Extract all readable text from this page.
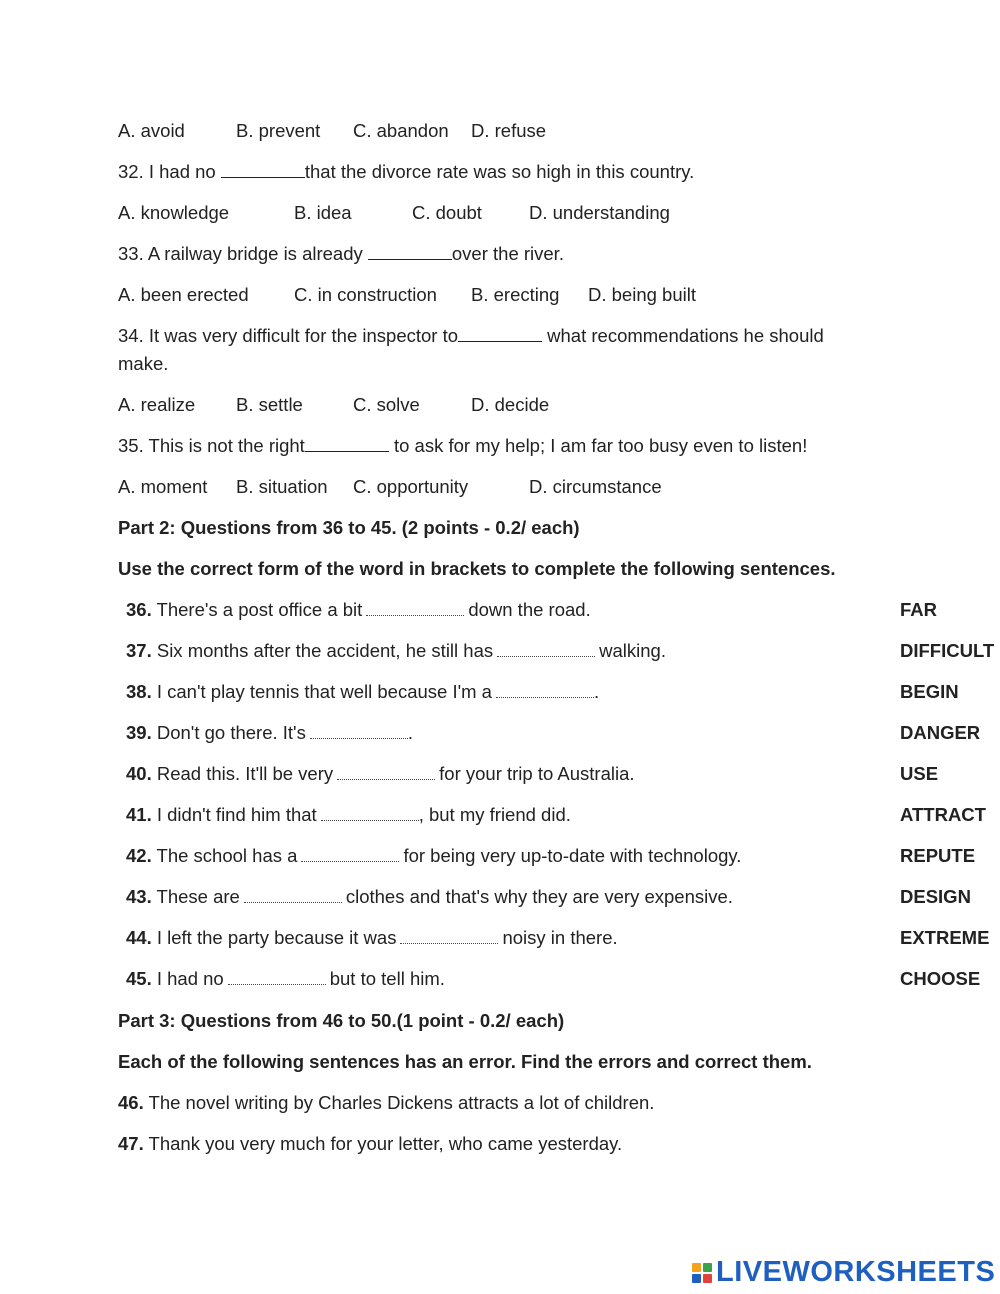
A. avoid	B. prevent C. abandon D. refuse
32. I had no	that the divorce rate was so high in this country.
A. knowledge	B. idea	C. doubt	D. understanding
33. A railway bridge is already	over the river.
A. been erected C. in construction B. erecting D. being built
34. It was very difficult for the inspector to	what recommendations he should
make.
A. realize B. settle	C. solve	D. decide
35. This is not the right	to ask for my help; I am far too busy even to listen!
A. moment B. situation C. opportunity	D. circumstance
Part 2: Questions from 36 to 45. (2 points - 0.2/ each)
Use the correct form of the word in brackets to complete the following sentences.
36. There's a post office a bit	down the road.	FAR
37. Six months after the accident, he still has	walking.	DIFFICULT
38. I can't play tennis that well because I'm a	.	BEGIN
39. Don't go there. It's	.	DANGER
40. Read this. It'll be very	for your trip to Australia.	USE
41. I didn't find him that	, but my friend did.	ATTRACT
42. The school has a	for being very up-to-date with technology.	REPUTE
43. These are	clothes and that's why they are very expensive.	DESIGN
44. I left the party because it was	noisy in there.	EXTREME
45. I had no	but to tell him.	CHOOSE
Part 3: Questions from 46 to 50.(1 point - 0.2/ each)
Each of the following sentences has an error. Find the errors and correct them.
46. The novel writing by Charles Dickens attracts a lot of children.
47. Thank you very much for your letter, who came yesterday.
LIVEWORKSHEETS
